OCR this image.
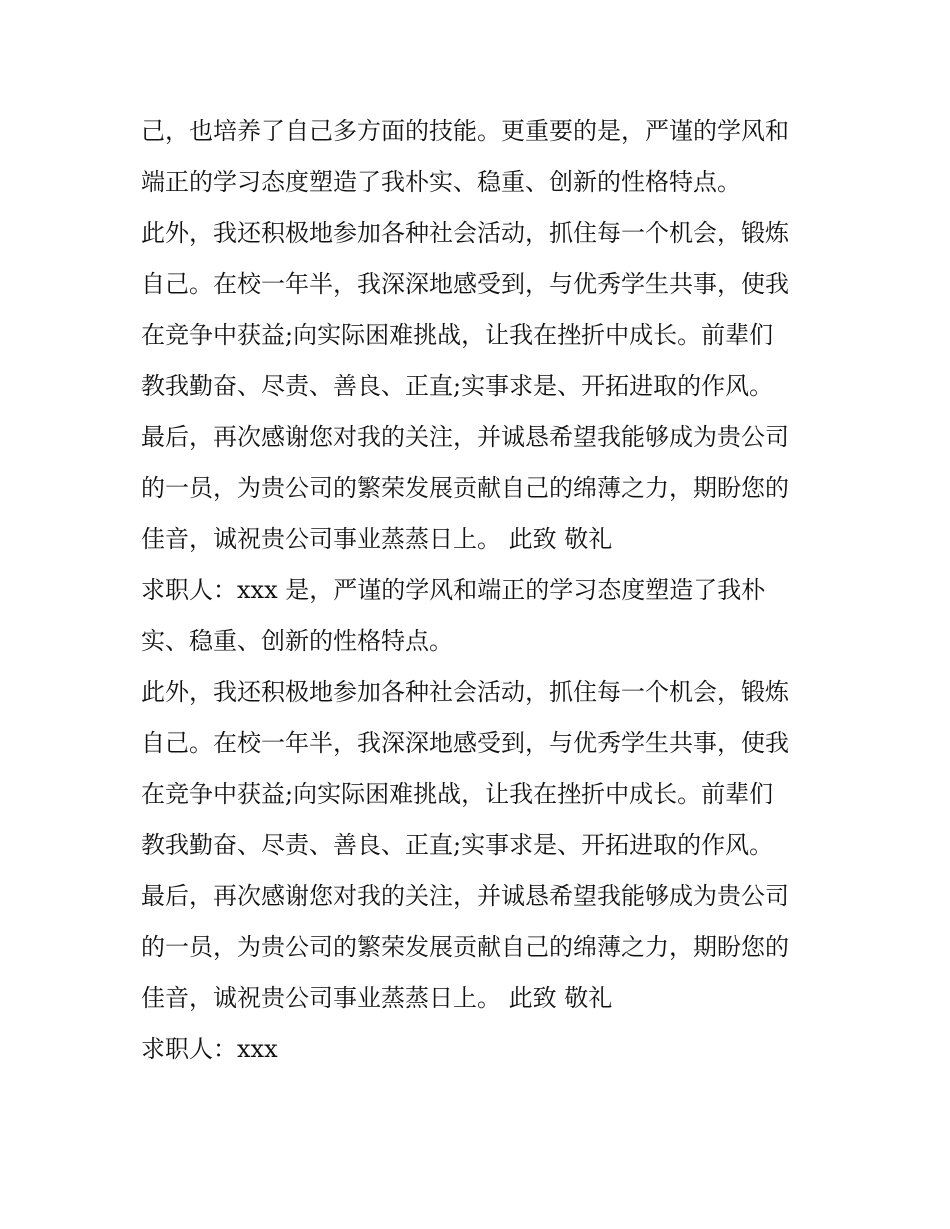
己，也培养了自己多方面的技能。更重要的是，严谨的学风和
端正的学习态度塑造了我朴实、稳重、创新的性格特点。
此外，我还积极地参加各种社会活动，抓住每一个机会，锻炼
自己。在校一年半，我深深地感受到，与优秀学生共事，使我
在竞争中获益;向实际困难挑战，让我在挫折中成长。前辈们
教我勤奋、尽责、善良、正直;实事求是、开拓进取的作风。
最后，再次感谢您对我的关注，并诚恳希望我能够成为贵公司
的一员，为贵公司的繁荣发展贡献自己的绵薄之力，期盼您的
佳音，诚祝贵公司事业蒸蒸日上。 此致 敬礼
求职人：xxx 是，严谨的学风和端正的学习态度塑造了我朴
实、稳重、创新的性格特点。
此外，我还积极地参加各种社会活动，抓住每一个机会，锻炼
自己。在校一年半，我深深地感受到，与优秀学生共事，使我
在竞争中获益;向实际困难挑战，让我在挫折中成长。前辈们
教我勤奋、尽责、善良、正直;实事求是、开拓进取的作风。
最后，再次感谢您对我的关注，并诚恳希望我能够成为贵公司
的一员，为贵公司的繁荣发展贡献自己的绵薄之力，期盼您的
佳音，诚祝贵公司事业蒸蒸日上。 此致 敬礼
求职人：xxx
